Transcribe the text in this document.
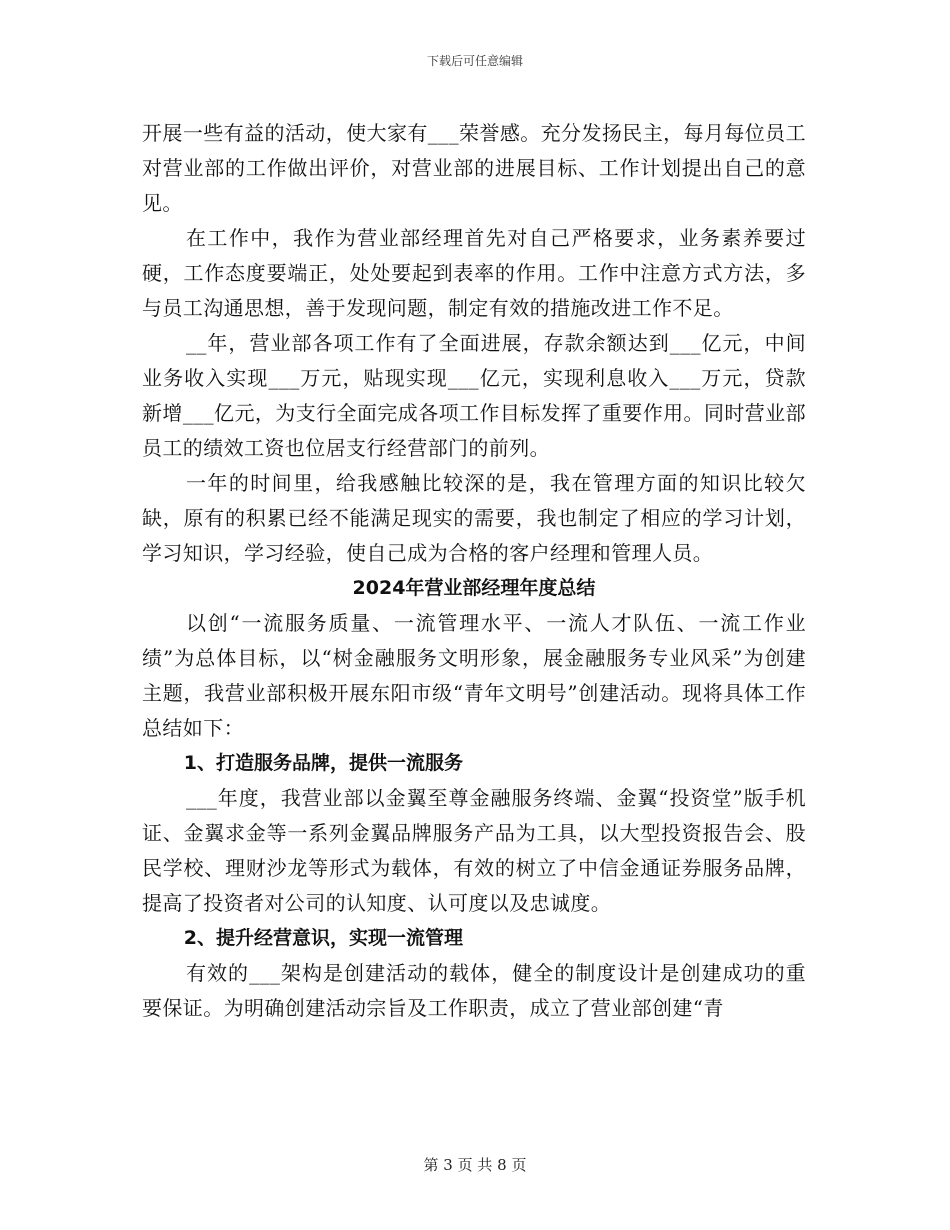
下载后可任意编辑

开展一些有益的活动，使大家有___荣誉感。充分发扬民主，每月每位员工对营业部的工作做出评价，对营业部的进展目标、工作计划提出自己的意见。

在工作中，我作为营业部经理首先对自己严格要求，业务素养要过硬，工作态度要端正，处处要起到表率的作用。工作中注意方式方法，多与员工沟通思想，善于发现问题，制定有效的措施改进工作不足。

__年，营业部各项工作有了全面进展，存款余额达到___亿元，中间业务收入实现___万元，贴现实现___亿元，实现利息收入___万元，贷款新增___亿元，为支行全面完成各项工作目标发挥了重要作用。同时营业部员工的绩效工资也位居支行经营部门的前列。

一年的时间里，给我感触比较深的是，我在管理方面的知识比较欠缺，原有的积累已经不能满足现实的需要，我也制定了相应的学习计划，学习知识，学习经验，使自己成为合格的客户经理和管理人员。

2024年营业部经理年度总结

以创“一流服务质量、一流管理水平、一流人才队伍、一流工作业绩”为总体目标，以“树金融服务文明形象，展金融服务专业风采”为创建主题，我营业部积极开展东阳市级“青年文明号”创建活动。现将具体工作总结如下：

1、打造服务品牌，提供一流服务

___年度，我营业部以金翼至尊金融服务终端、金翼“投资堂”版手机证、金翼求金等一系列金翼品牌服务产品为工具，以大型投资报告会、股民学校、理财沙龙等形式为载体，有效的树立了中信金通证券服务品牌，提高了投资者对公司的认知度、认可度以及忠诚度。

2、提升经营意识，实现一流管理

有效的___架构是创建活动的载体，健全的制度设计是创建成功的重要保证。为明确创建活动宗旨及工作职责，成立了营业部创建“青

第 3 页 共 8 页
